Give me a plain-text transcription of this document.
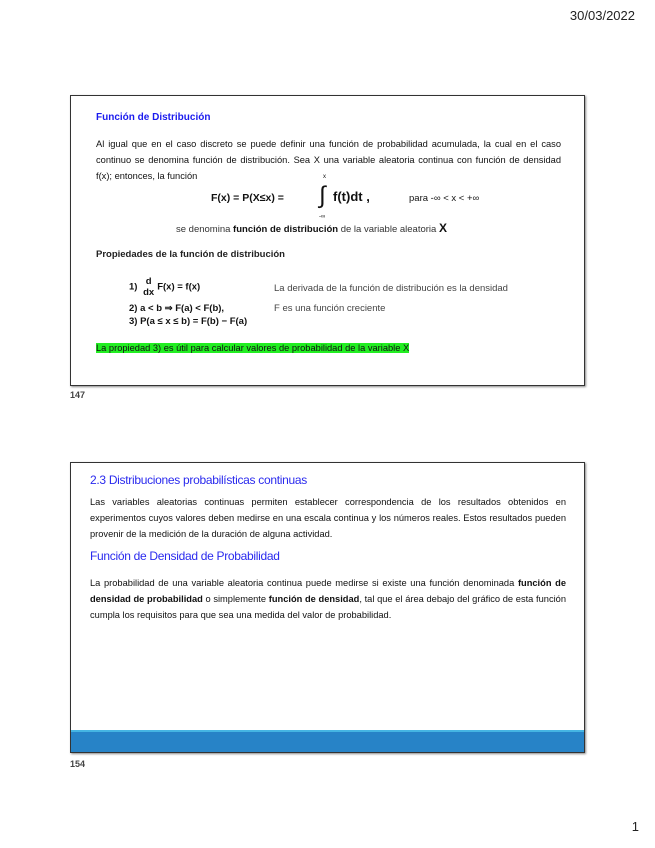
30/03/2022
Función de Distribución
Al igual que en el caso discreto se puede definir una función de probabilidad acumulada, la cual en el caso continuo se denomina función de distribución. Sea X una variable aleatoria continua con función de densidad f(x); entonces, la función
F(x) = P(X≤x) = ∫
x
-∞
f(t)dt ,	para -∞ < x < +∞
se denomina función de distribución de la variable aleatoria X
Propiedades de la función de distribución
1) d
dx F(x) = f(x)	La derivada de la función de distribución es la densidad
2) a < b ⇒ F(a) < F(b),	F es una función creciente
3) P(a ≤ x ≤ b) = F(b) − F(a)
La propiedad 3) es útil para calcular valores de probabilidad de la variable X
147
2.3 Distribuciones probabilísticas continuas
Las variables aleatorias continuas permiten establecer correspondencia de los resultados obtenidos en experimentos cuyos valores deben medirse en una escala continua y los números reales. Estos resultados pueden provenir de la medición de la duración de alguna actividad.
Función de Densidad de Probabilidad
La probabilidad de una variable aleatoria continua puede medirse si existe una función denominada función de densidad de probabilidad o simplemente función de densidad, tal que el área debajo del gráfico de esta función cumpla los requisitos para que sea una medida del valor de probabilidad.
154
1
